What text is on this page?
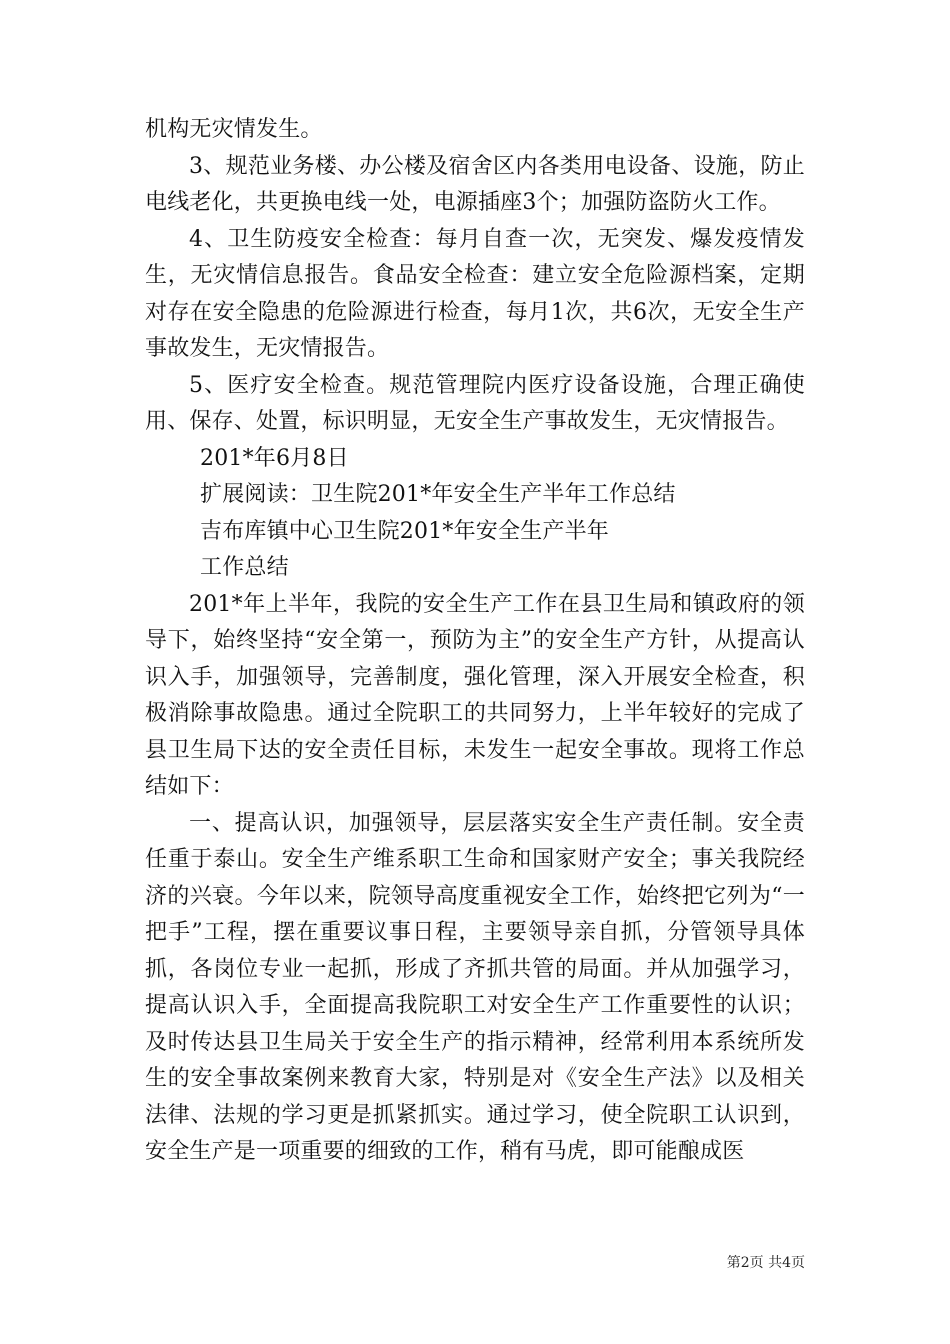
机构无灾情发生。

3、规范业务楼、办公楼及宿舍区内各类用电设备、设施，防止电线老化，共更换电线一处，电源插座3个；加强防盗防火工作。

4、卫生防疫安全检查：每月自查一次，无突发、爆发疫情发生，无灾情信息报告。食品安全检查：建立安全危险源档案，定期对存在安全隐患的危险源进行检查，每月1次，共6次，无安全生产事故发生，无灾情报告。

5、医疗安全检查。规范管理院内医疗设备设施，合理正确使用、保存、处置，标识明显，无安全生产事故发生，无灾情报告。

201*年6月8日

扩展阅读：卫生院201*年安全生产半年工作总结

吉布库镇中心卫生院201*年安全生产半年

工作总结

201*年上半年，我院的安全生产工作在县卫生局和镇政府的领导下，始终坚持“安全第一，预防为主”的安全生产方针，从提高认识入手，加强领导，完善制度，强化管理，深入开展安全检查，积极消除事故隐患。通过全院职工的共同努力，上半年较好的完成了县卫生局下达的安全责任目标，未发生一起安全事故。现将工作总结如下：

一、提高认识，加强领导，层层落实安全生产责任制。安全责任重于泰山。安全生产维系职工生命和国家财产安全；事关我院经济的兴衰。今年以来，院领导高度重视安全工作，始终把它列为“一把手”工程，摆在重要议事日程，主要领导亲自抓，分管领导具体抓，各岗位专业一起抓，形成了齐抓共管的局面。并从加强学习，提高认识入手，全面提高我院职工对安全生产工作重要性的认识；及时传达县卫生局关于安全生产的指示精神，经常利用本系统所发生的安全事故案例来教育大家，特别是对《安全生产法》以及相关法律、法规的学习更是抓紧抓实。通过学习，使全院职工认识到，安全生产是一项重要的细致的工作，稍有马虎，即可能酿成医

第2页 共4页
